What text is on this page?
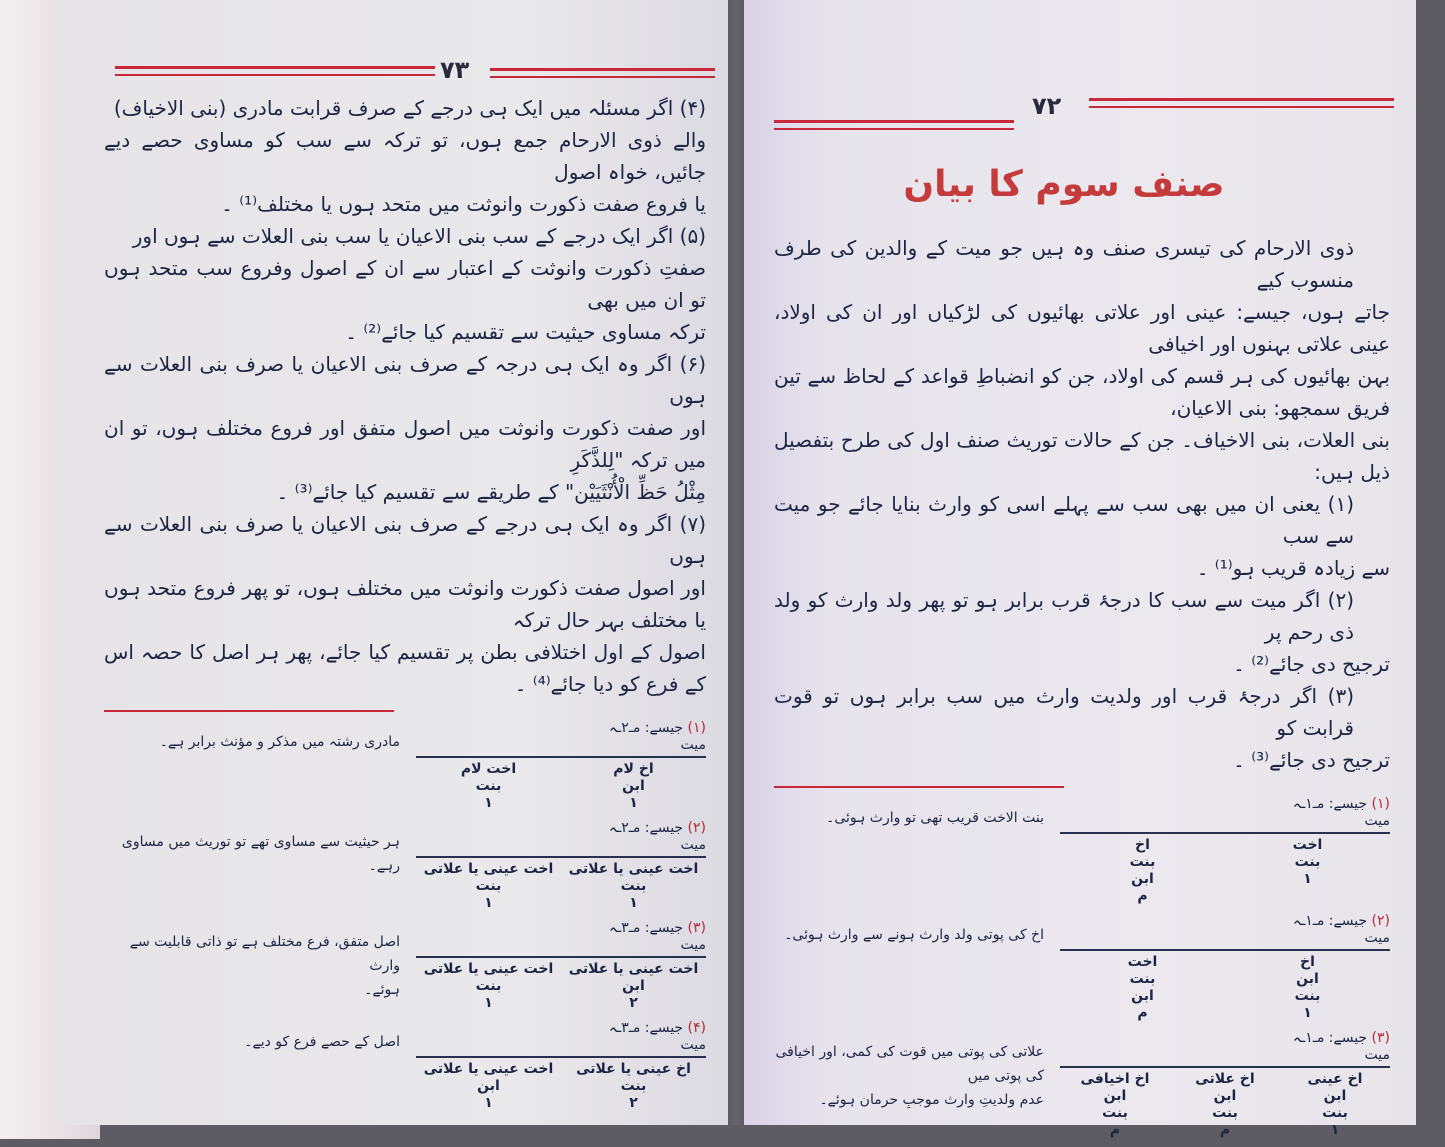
۷۳
(۴) اگر مسئلہ میں ایک ہی درجے کے صرف قرابت مادری (بنی الاخیاف)
والے ذوی الارحام جمع ہوں، تو ترکہ سے سب کو مساوی حصے دیے جائیں، خواہ اصول
یا فروع صفت ذکورت وانوثت میں متحد ہوں یا مختلف⁽¹⁾ ۔
(۵) اگر ایک درجے کے سب بنی الاعیان یا سب بنی العلات سے ہوں اور
صفتِ ذکورت وانوثت کے اعتبار سے ان کے اصول وفروع سب متحد ہوں تو ان میں بھی
ترکہ مساوی حیثیت سے تقسیم کیا جائے⁽²⁾ ۔
(۶) اگر وہ ایک ہی درجہ کے صرف بنی الاعیان یا صرف بنی العلات سے ہوں
اور صفت ذکورت وانوثت میں اصول متفق اور فروع مختلف ہوں، تو ان میں ترکہ "لِلذَّكَرِ
مِثْلُ حَظِّ الْأُنْثَيَيْن" کے طریقے سے تقسیم کیا جائے⁽³⁾ ۔
(۷) اگر وہ ایک ہی درجے کے صرف بنی الاعیان یا صرف بنی العلات سے ہوں
اور اصول صفت ذکورت وانوثت میں مختلف ہوں، تو پھر فروع متحد ہوں یا مختلف بہر حال ترکہ
اصول کے اول اختلافی بطن پر تقسیم کیا جائے، پھر ہر اصل کا حصہ اس کے فرع کو دیا جائے⁽⁴⁾ ۔
(۱) جیسے: مـ۲ـہ
میت
اخ لام
ابن
۱
اخت لام
بنت
۱
مادری رشتہ میں مذکر و مؤنث برابر ہے۔
(۲) جیسے: مـ۲ـہ
میت
اخت عینی یا علاتی
بنت
۱
اخت عینی یا علاتی
بنت
۱
ہر حیثیت سے مساوی تھے تو توریث میں مساوی رہے۔
(۳) جیسے: مـ۳ـہ
میت
اخت عینی یا علاتی
ابن
۲
اخت عینی یا علاتی
بنت
۱
اصل متفق، فرع مختلف ہے تو ذاتی قابلیت سے وارث
ہوئے۔
(۴) جیسے: مـ۳ـہ
میت
اخ عینی یا علاتی
بنت
۲
اخت عینی یا علاتی
ابن
۱
اصل کے حصے فرع کو دیے۔
۷۲
صنف سوم کا بیان
ذوی الارحام کی تیسری صنف وہ ہیں جو میت کے والدین کی طرف منسوب کیے
جاتے ہوں، جیسے: عینی اور علاتی بھائیوں کی لڑکیاں اور ان کی اولاد، عینی علاتی بہنوں اور اخیافی
بہن بھائیوں کی ہر قسم کی اولاد، جن کو انضباطِ قواعد کے لحاظ سے تین فریق سمجھو: بنی الاعیان،
بنی العلات، بنی الاخیاف۔ جن کے حالات توریث صنف اول کی طرح بتفصیل ذیل ہیں:
(۱) یعنی ان میں بھی سب سے پہلے اسی کو وارث بنایا جائے جو میت سے سب
سے زیادہ قریب ہو⁽¹⁾ ۔
(۲) اگر میت سے سب کا درجۂ قرب برابر ہو تو پھر ولد وارث کو ولد ذی رحم پر
ترجیح دی جائے⁽²⁾ ۔
(۳) اگر درجۂ قرب اور ولدیت وارث میں سب برابر ہوں تو قوت قرابت کو
ترجیح دی جائے⁽³⁾ ۔
(۱) جیسے: مـ۱ـہ
میت
اخت
بنت
۱
اخ
بنت
ابن
م
بنت الاخت قریب تھی تو وارث ہوئی۔
(۲) جیسے: مـ۱ـہ
میت
اخ
ابن
بنت
۱
اخت
بنت
ابن
م
اخ کی پوتی ولد وارث ہونے سے وارث ہوئی۔
(۳) جیسے: مـ۱ـہ
میت
اخ عینی
ابن
بنت
۱
اخ علاتی
ابن
بنت
م
اخ اخیافی
ابن
بنت
م
علاتی کی پوتی میں قوت کی کمی، اور اخیافی کی پوتی میں
عدم ولدیتِ وارث موجبِ حرمان ہوئے۔
